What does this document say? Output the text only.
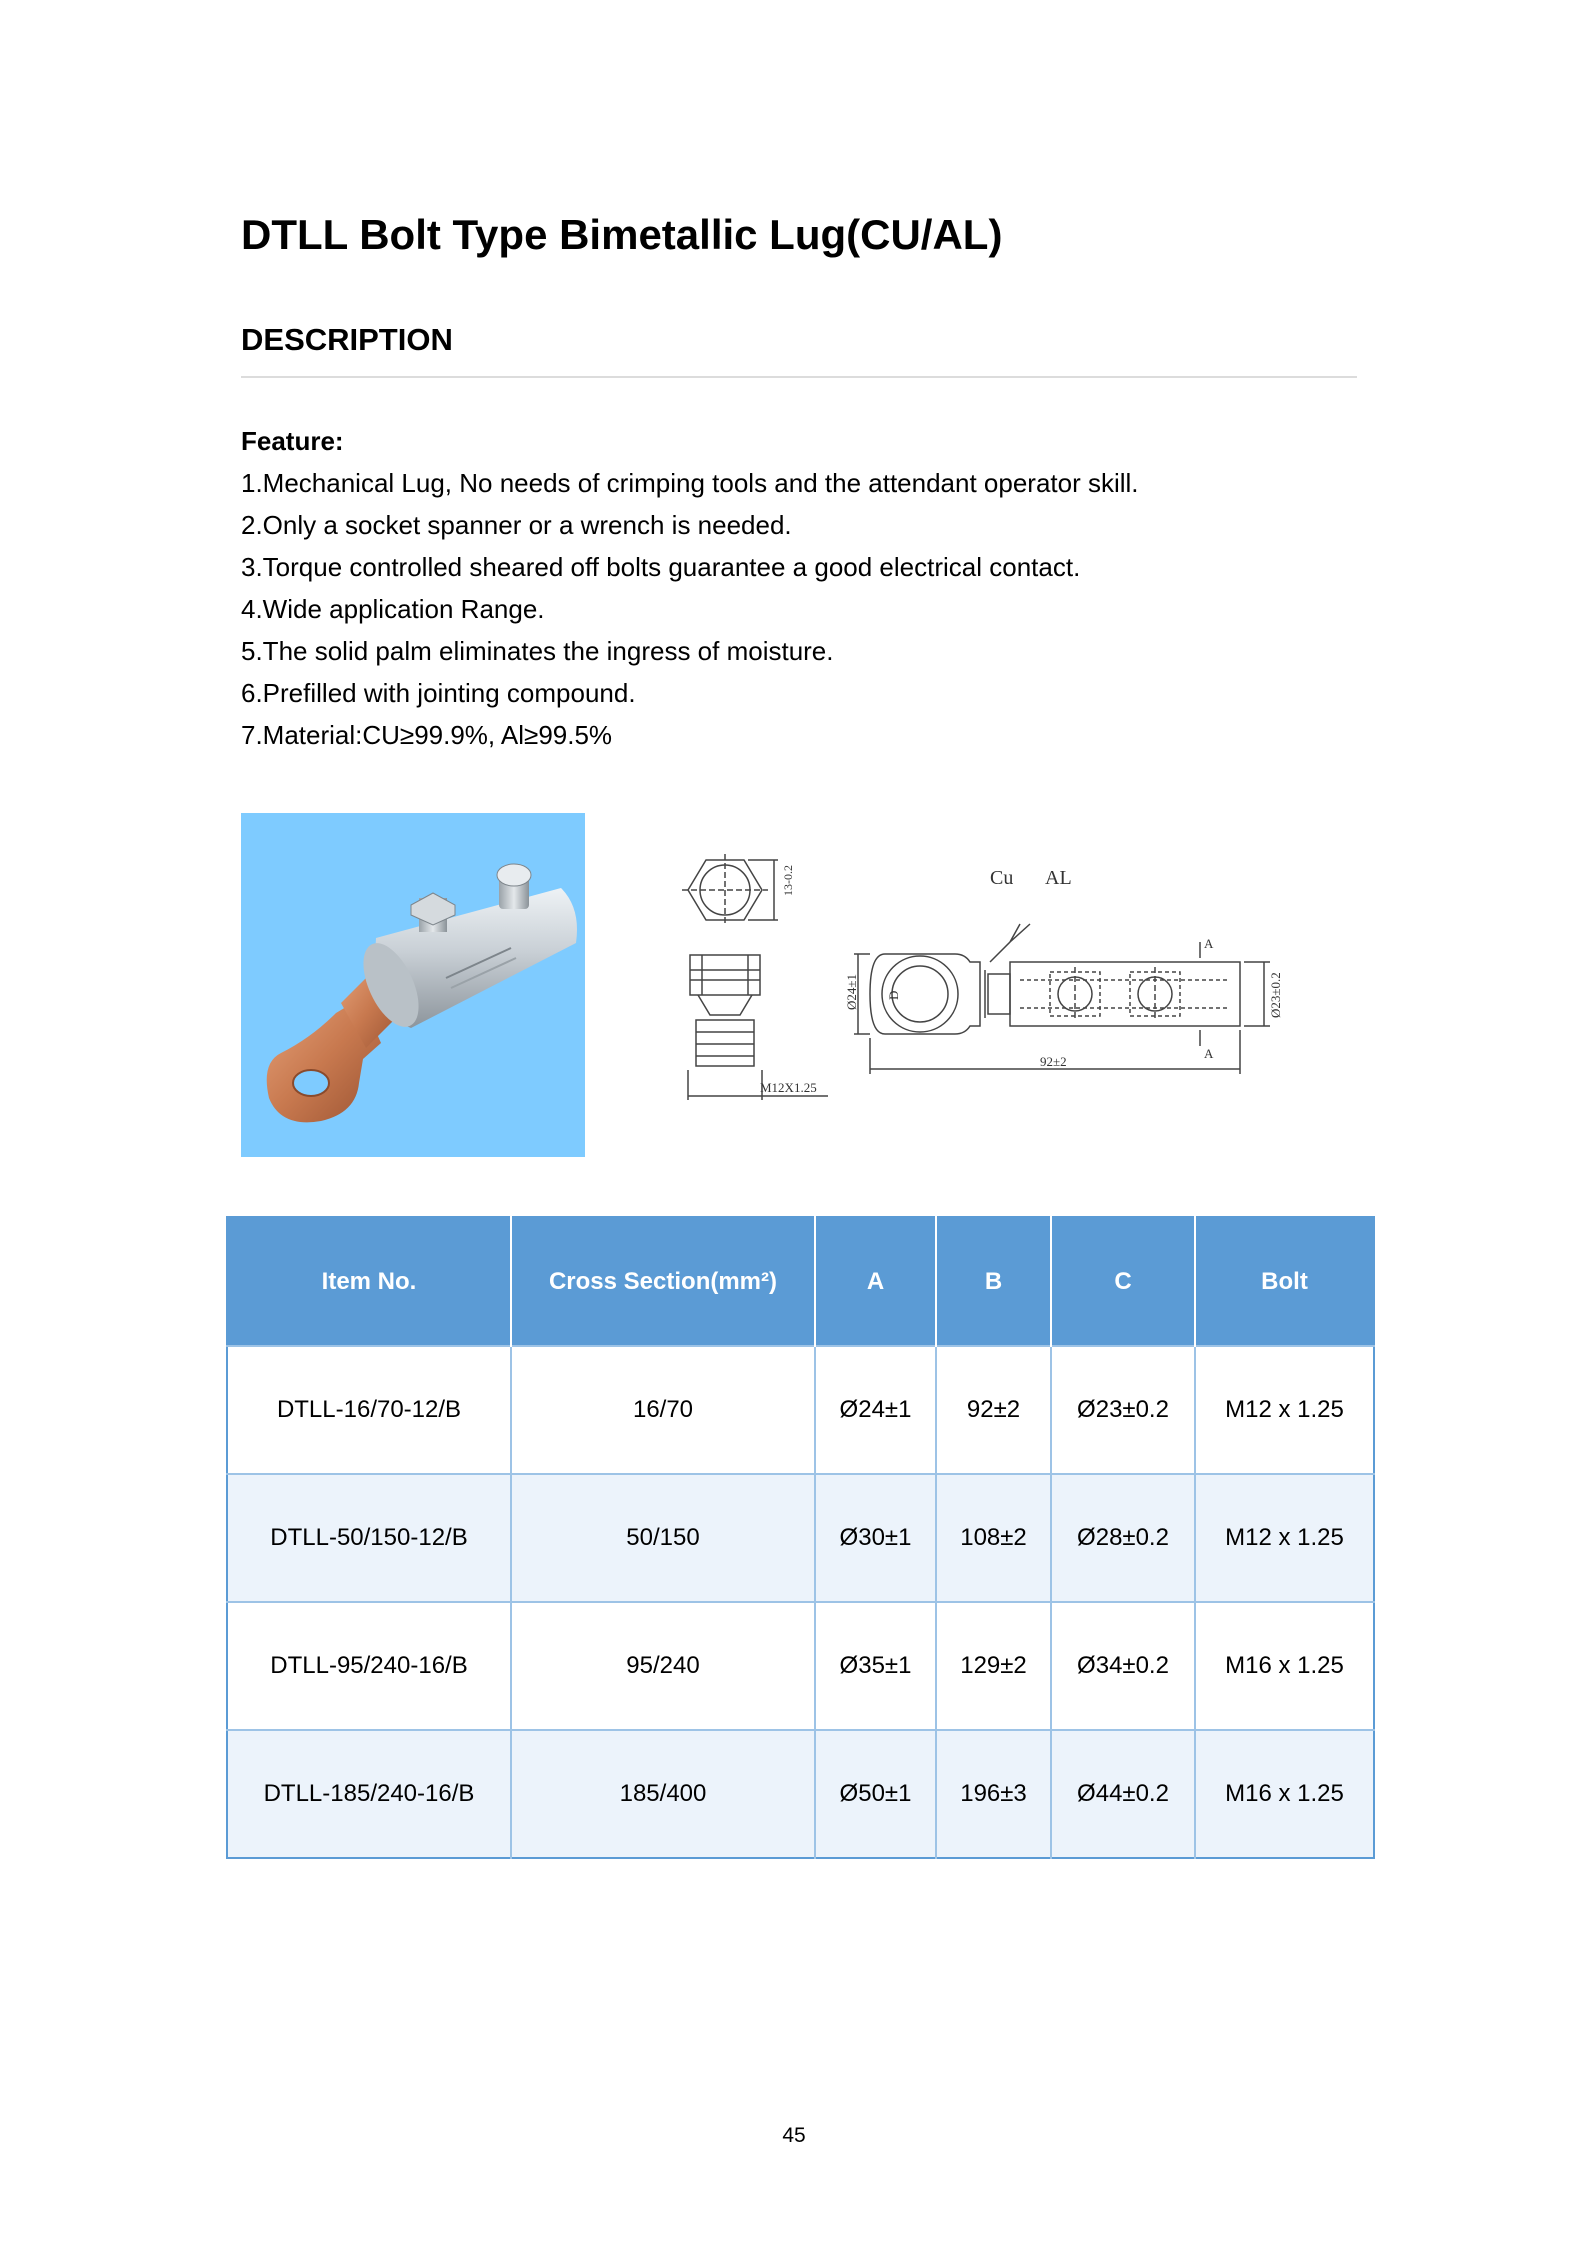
DTLL Bolt Type Bimetallic Lug(CU/AL)
DESCRIPTION
Feature:
1.Mechanical Lug, No needs of crimping tools and the attendant operator skill.
2.Only a socket spanner or a wrench is needed.
3.Torque controlled sheared off bolts guarantee a good electrical contact.
4.Wide application Range.
5.The solid palm eliminates the ingress of moisture.
6.Prefilled with jointing compound.
7.Material:CU≥99.9%, Al≥99.5%
13-0.2
M12X1.25
Cu AL
A
A
Ø24±1	Ø23±0.2
92±2
D
Item No.	Cross Section(mm²)	A	B	C	Bolt
DTLL-16/70-12/B	16/70	Ø24±1	92±2	Ø23±0.2	M12 x 1.25
DTLL-50/150-12/B	50/150	Ø30±1	108±2	Ø28±0.2	M12 x 1.25
DTLL-95/240-16/B	95/240	Ø35±1	129±2	Ø34±0.2	M16 x 1.25
DTLL-185/240-16/B	185/400	Ø50±1	196±3	Ø44±0.2	M16 x 1.25
45
